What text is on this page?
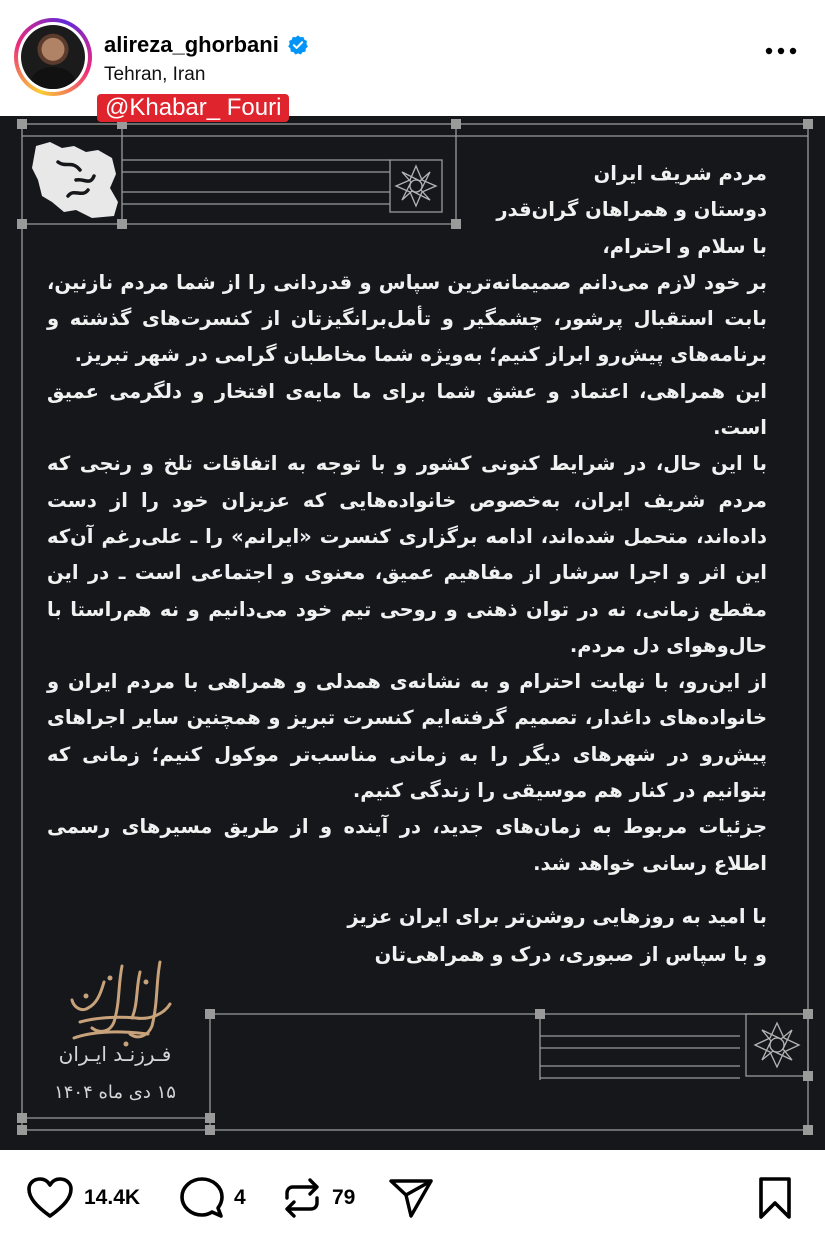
alireza_ghorbani
Tehran, Iran
@Khabar_ Fouri

مردم شریف ایران

دوستان و همراهان گران‌قدر

با سلام و احترام،

بر خود لازم می‌دانم صمیمانه‌ترین سپاس و قدردانی را از شما مردم نازنین، بابت استقبال پرشور، چشمگیر و تأمل‌برانگیزتان از کنسرت‌های گذشته و برنامه‌های پیش‌رو ابراز کنیم؛ به‌ویژه شما مخاطبان گرامی در شهر تبریز.

این همراهی، اعتماد و عشق شما برای ما مایه‌ی افتخار و دلگرمی عمیق است.

با این حال، در شرایط کنونی کشور و با توجه به اتفاقات تلخ و رنجی که مردم شریف ایران، به‌خصوص خانواده‌هایی که عزیزان خود را از دست داده‌اند، متحمل شده‌اند، ادامه برگزاری کنسرت «ایرانم» را ـ علی‌رغم آن‌که این اثر و اجرا سرشار از مفاهیم عمیق، معنوی و اجتماعی است ـ در این مقطع زمانی، نه در توان ذهنی و روحی تیم خود می‌دانیم و نه هم‌راستا با حال‌وهوای دل مردم.

از این‌رو، با نهایت احترام و به نشانه‌ی همدلی و همراهی با مردم ایران و خانواده‌های داغدار، تصمیم گرفته‌ایم کنسرت تبریز و همچنین سایر اجراهای پیش‌رو در شهرهای دیگر را به زمانی مناسب‌تر موکول کنیم؛ زمانی که بتوانیم در کنار هم موسیقی را زندگی کنیم.

جزئیات مربوط به زمان‌های جدید، در آینده و از طریق مسیرهای رسمی اطلاع رسانی خواهد شد.

با امید به روزهایی روشن‌تر برای ایران عزیز

و با سپاس از صبوری، درک و همراهی‌تان

فـرزنـد ایـران
۱۵ دی ماه ۱۴۰۴
14.4K	4	79
